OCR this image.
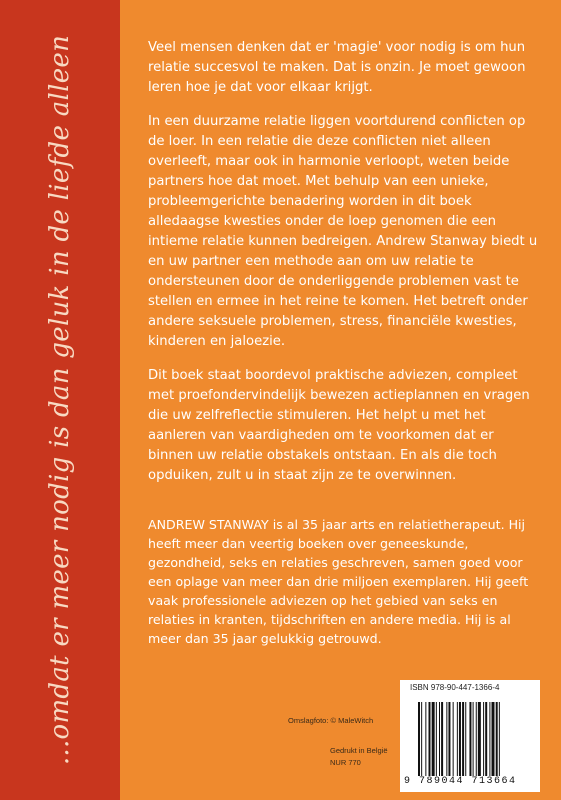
...omdat er meer nodig is dan geluk in de liefde alleen	Veel mensen denken dat er 'magie' voor nodig is om hun relatie succesvol te maken. Dat is onzin. Je moet gewoon leren hoe je dat voor elkaar krijgt.

In een duurzame relatie liggen voortdurend conflicten op de loer. In een relatie die deze conflicten niet alleen overleeft, maar ook in harmonie verloopt, weten beide partners hoe dat moet. Met behulp van een unieke, probleemgerichte benadering worden in dit boek alledaagse kwesties onder de loep genomen die een intieme relatie kunnen bedreigen. Andrew Stanway biedt u en uw partner een methode aan om uw relatie te ondersteunen door de onderliggende problemen vast te stellen en ermee in het reine te komen. Het betreft onder andere seksuele problemen, stress, financiële kwesties, kinderen en jaloezie.

Dit boek staat boordevol praktische adviezen, compleet met proefondervindelijk bewezen actieplannen en vragen die uw zelfreflectie stimuleren. Het helpt u met het aanleren van vaardigheden om te voorkomen dat er binnen uw relatie obstakels ontstaan. En als die toch opduiken, zult u in staat zijn ze te overwinnen.

ANDREW STANWAY is al 35 jaar arts en relatietherapeut. Hij heeft meer dan veertig boeken over geneeskunde, gezondheid, seks en relaties geschreven, samen goed voor een oplage van meer dan drie miljoen exemplaren. Hij geeft vaak professionele adviezen op het gebied van seks en relaties in kranten, tijdschriften en andere media. Hij is al meer dan 35 jaar gelukkig getrouwd.

Omslagfoto: © MaleWitch
Gedrukt in België
NUR 770
ISBN 978-90-447-1366-4
9 789044 713664
